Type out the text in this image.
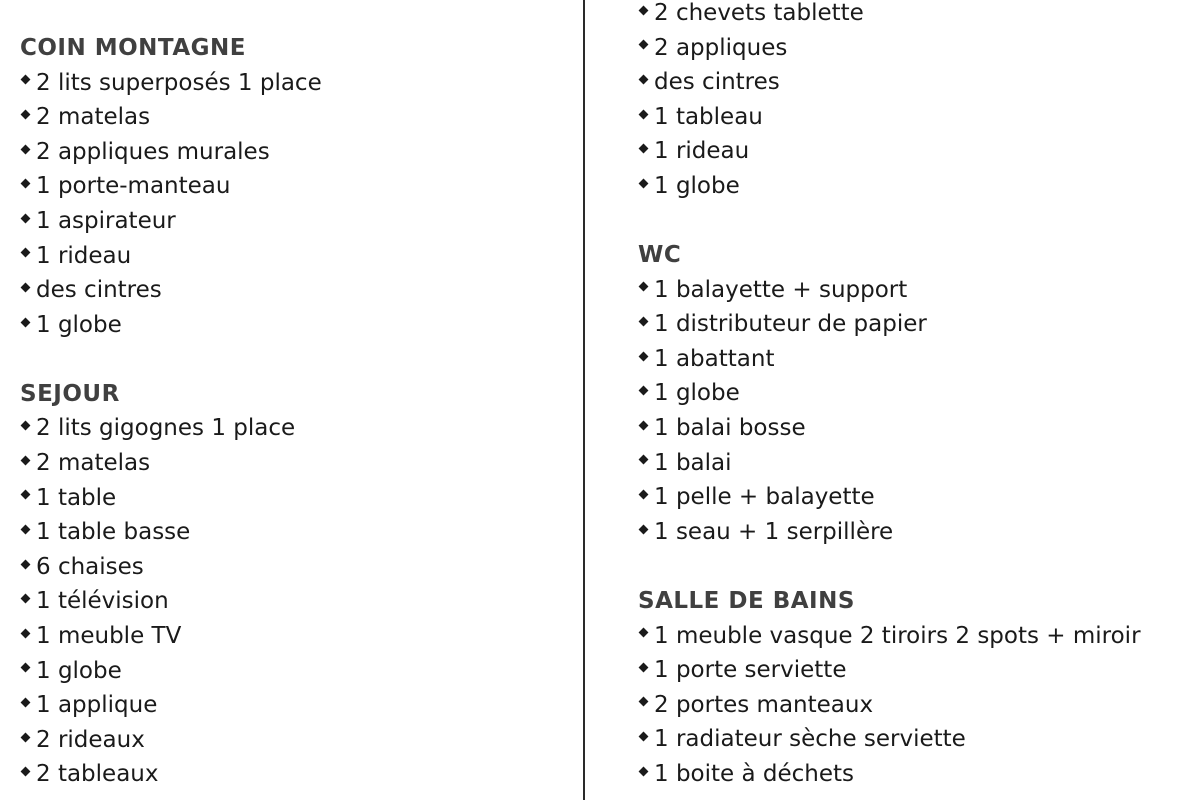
COIN MONTAGNE
2 lits superposés 1 place
2 matelas
2 appliques murales
1 porte-manteau
1 aspirateur
1 rideau
des cintres
1 globe
SEJOUR
2 lits gigognes 1 place
2 matelas
1 table
1 table basse
6 chaises
1 télévision
1 meuble TV
1 globe
1 applique
2 rideaux
2 tableaux
2 chevets tablette
2 appliques
des cintres
1 tableau
1 rideau
1 globe
WC
1 balayette + support
1 distributeur de papier
1 abattant
1 globe
1 balai bosse
1 balai
1 pelle + balayette
1 seau + 1 serpillère
SALLE DE BAINS
1 meuble vasque 2 tiroirs 2 spots + miroir
1 porte serviette
2 portes manteaux
1 radiateur sèche serviette
1 boite à déchets
